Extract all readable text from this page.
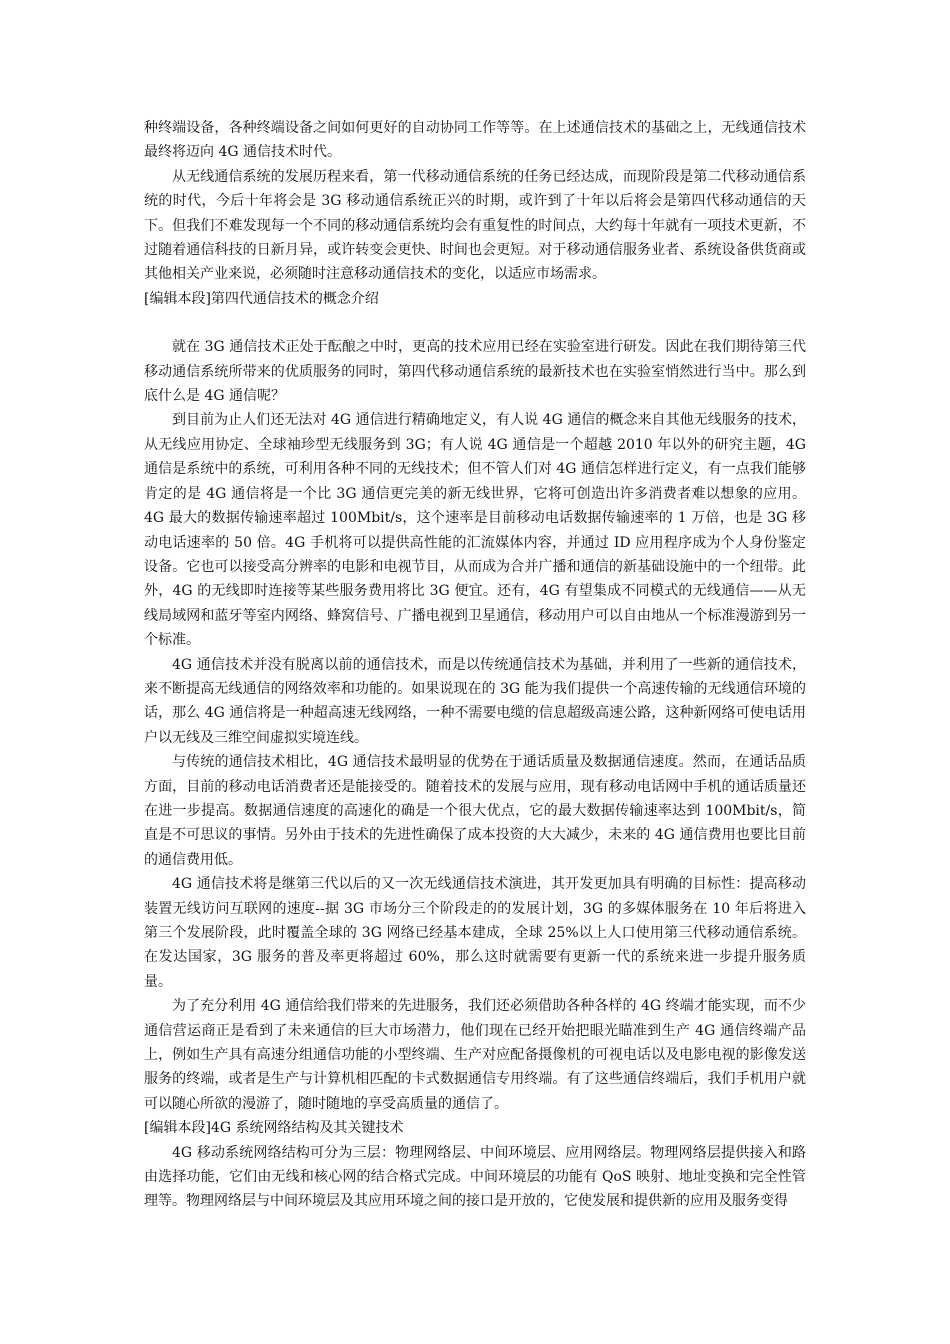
种终端设备，各种终端设备之间如何更好的自动协同工作等等。在上述通信技术的基础之上，无线通信技术最终将迈向 4G 通信技术时代。

从无线通信系统的发展历程来看，第一代移动通信系统的任务已经达成，而现阶段是第二代移动通信系统的时代，今后十年将会是 3G 移动通信系统正兴的时期，或许到了十年以后将会是第四代移动通信的天下。但我们不难发现每一个不同的移动通信系统均会有重复性的时间点，大约每十年就有一项技术更新，不过随着通信科技的日新月异，或许转变会更快、时间也会更短。对于移动通信服务业者、系统设备供货商或其他相关产业来说，必须随时注意移动通信技术的变化，以适应市场需求。

[编辑本段]第四代通信技术的概念介绍

就在 3G 通信技术正处于酝酿之中时，更高的技术应用已经在实验室进行研发。因此在我们期待第三代移动通信系统所带来的优质服务的同时，第四代移动通信系统的最新技术也在实验室悄然进行当中。那么到底什么是 4G 通信呢？

到目前为止人们还无法对 4G 通信进行精确地定义，有人说 4G 通信的概念来自其他无线服务的技术，从无线应用协定、全球袖珍型无线服务到 3G；有人说 4G 通信是一个超越 2010 年以外的研究主题，4G 通信是系统中的系统，可利用各种不同的无线技术；但不管人们对 4G 通信怎样进行定义，有一点我们能够肯定的是 4G 通信将是一个比 3G 通信更完美的新无线世界，它将可创造出许多消费者难以想象的应用。4G 最大的数据传输速率超过 100Mbit/s，这个速率是目前移动电话数据传输速率的 1 万倍，也是 3G 移动电话速率的 50 倍。4G 手机将可以提供高性能的汇流媒体内容，并通过 ID 应用程序成为个人身份鉴定设备。它也可以接受高分辨率的电影和电视节目，从而成为合并广播和通信的新基础设施中的一个纽带。此外，4G 的无线即时连接等某些服务费用将比 3G 便宜。还有，4G 有望集成不同模式的无线通信——从无线局域网和蓝牙等室内网络、蜂窝信号、广播电视到卫星通信，移动用户可以自由地从一个标准漫游到另一个标准。

4G 通信技术并没有脱离以前的通信技术，而是以传统通信技术为基础，并利用了一些新的通信技术，来不断提高无线通信的网络效率和功能的。如果说现在的 3G 能为我们提供一个高速传输的无线通信环境的话，那么 4G 通信将是一种超高速无线网络，一种不需要电缆的信息超级高速公路，这种新网络可使电话用户以无线及三维空间虚拟实境连线。

与传统的通信技术相比，4G 通信技术最明显的优势在于通话质量及数据通信速度。然而，在通话品质方面，目前的移动电话消费者还是能接受的。随着技术的发展与应用，现有移动电话网中手机的通话质量还在进一步提高。数据通信速度的高速化的确是一个很大优点，它的最大数据传输速率达到 100Mbit/s，简直是不可思议的事情。另外由于技术的先进性确保了成本投资的大大减少，未来的 4G 通信费用也要比目前的通信费用低。

4G 通信技术将是继第三代以后的又一次无线通信技术演进，其开发更加具有明确的目标性：提高移动装置无线访问互联网的速度--据 3G 市场分三个阶段走的的发展计划，3G 的多媒体服务在 10 年后将进入第三个发展阶段，此时覆盖全球的 3G 网络已经基本建成，全球 25%以上人口使用第三代移动通信系统。在发达国家，3G 服务的普及率更将超过 60%，那么这时就需要有更新一代的系统来进一步提升服务质量。

为了充分利用 4G 通信给我们带来的先进服务，我们还必须借助各种各样的 4G 终端才能实现，而不少通信营运商正是看到了未来通信的巨大市场潜力，他们现在已经开始把眼光瞄准到生产 4G 通信终端产品上，例如生产具有高速分组通信功能的小型终端、生产对应配备摄像机的可视电话以及电影电视的影像发送服务的终端，或者是生产与计算机相匹配的卡式数据通信专用终端。有了这些通信终端后，我们手机用户就可以随心所欲的漫游了，随时随地的享受高质量的通信了。

[编辑本段]4G 系统网络结构及其关键技术

4G 移动系统网络结构可分为三层：物理网络层、中间环境层、应用网络层。物理网络层提供接入和路由选择功能，它们由无线和核心网的结合格式完成。中间环境层的功能有 QoS 映射、地址变换和完全性管理等。物理网络层与中间环境层及其应用环境之间的接口是开放的，它使发展和提供新的应用及服务变得
